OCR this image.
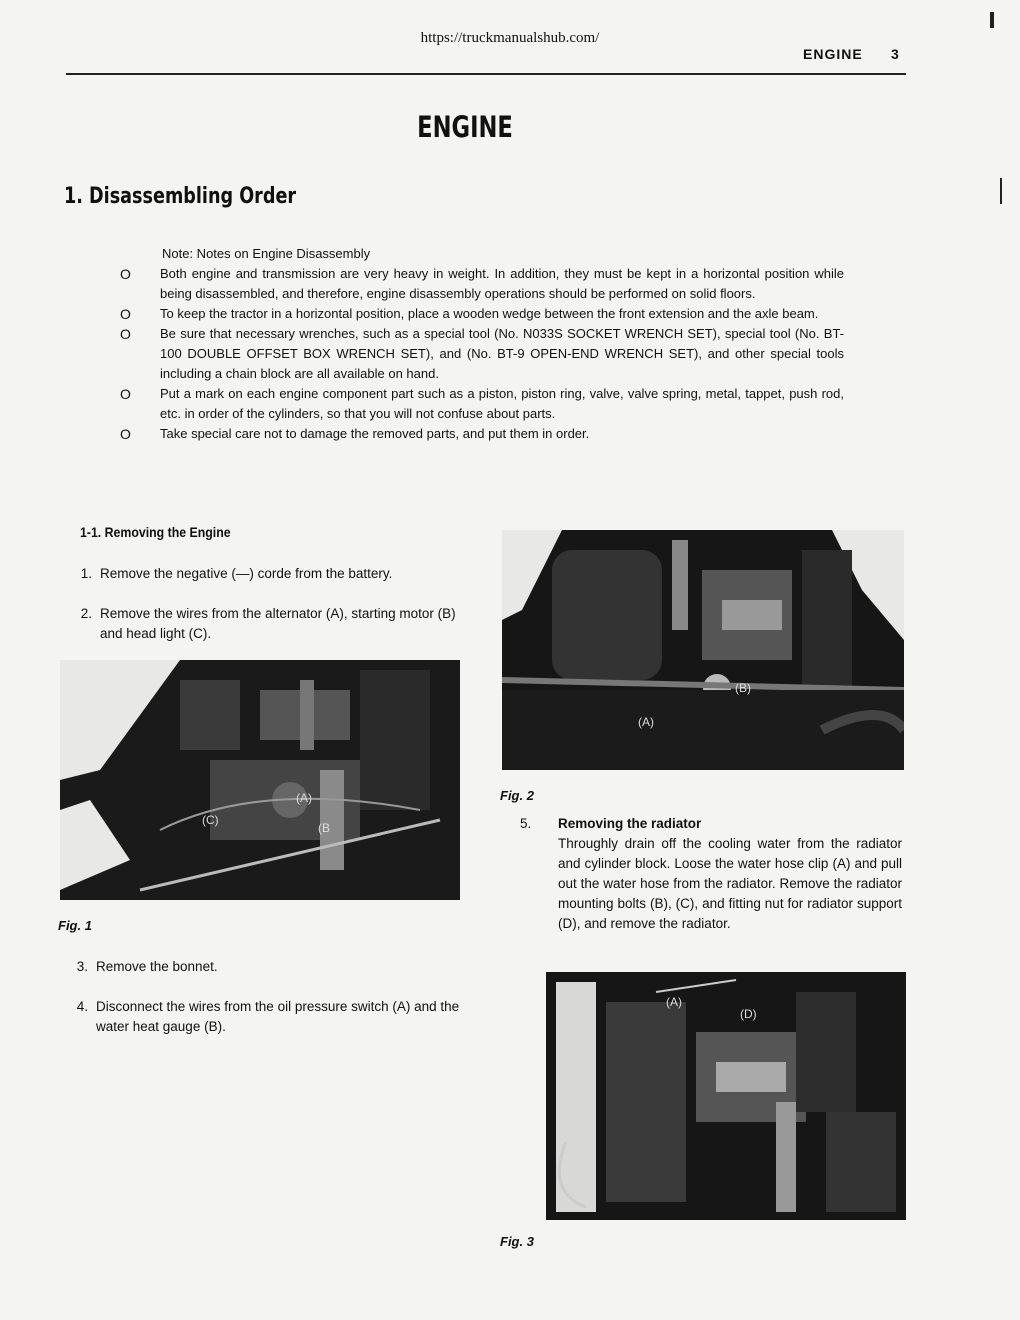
https://truckmanualshub.com/
ENGINE 3
ENGINE
1. Disassembling Order
Note: Notes on Engine Disassembly
O	Both engine and transmission are very heavy in weight. In addition, they must be kept in a horizontal position while being disassembled, and therefore, engine disassembly operations should be performed on solid floors.
O	To keep the tractor in a horizontal position, place a wooden wedge between the front extension and the axle beam.
O	Be sure that necessary wrenches, such as a special tool (No. N033S SOCKET WRENCH SET), special tool (No. BT-100 DOUBLE OFFSET BOX WRENCH SET), and (No. BT-9 OPEN-END WRENCH SET), and other special tools including a chain block are all available on hand.
O	Put a mark on each engine component part such as a piston, piston ring, valve, valve spring, metal, tappet, push rod, etc. in order of the cylinders, so that you will not confuse about parts.
O	Take special care not to damage the removed parts, and put them in order.
1-1. Removing the Engine
1. Remove the negative (—) corde from the battery.
2. Remove the wires from the alternator (A), starting motor (B) and head light (C).
(A)
(B
(C)
Fig. 1
3. Remove the bonnet.
4. Disconnect the wires from the oil pressure switch (A) and the water heat gauge (B).
(B)
(A)
Fig. 2
5.	Removing the radiator
Throughly drain off the cooling water from the radiator and cylinder block. Loose the water hose clip (A) and pull out the water hose from the radiator. Remove the radiator mounting bolts (B), (C), and fitting nut for radiator support (D), and remove the radiator.
(A)
(D)
Fig. 3
